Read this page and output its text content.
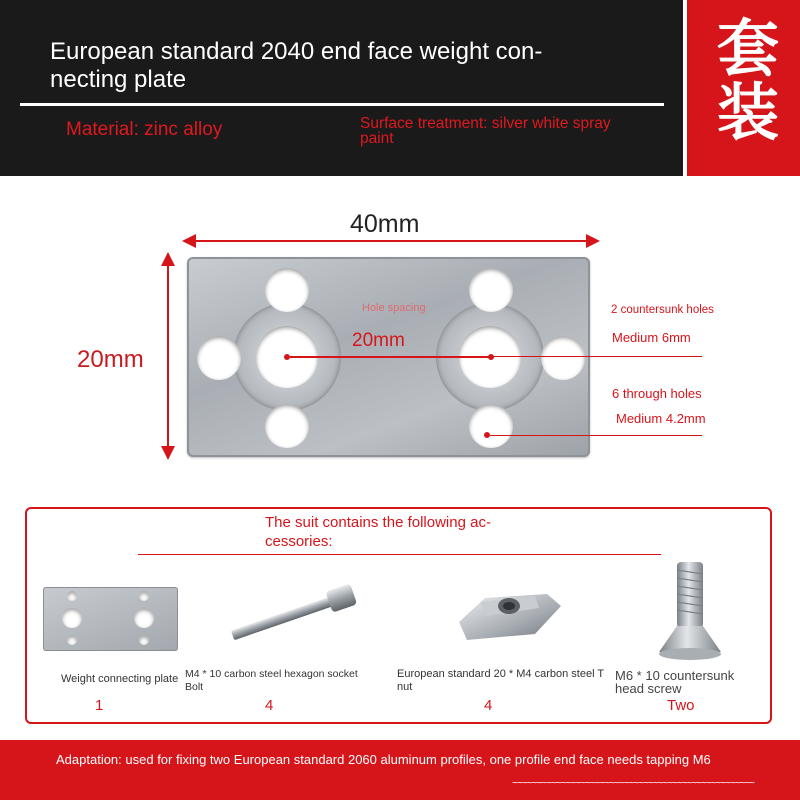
European standard 2040 end face weight con-
necting plate
Material: zinc alloy	Surface treatment: silver white spray paint
套装
40mm
20mm
Hole spacing
20mm
2 countersunk holes
Medium 6mm
6 through holes
Medium 4.2mm
The suit contains the following ac-
cessories:
Weight connecting plate
1
M4 * 10 carbon steel hexagon socket Bolt
4
European standard 20 * M4 carbon steel T nut
4
M6 * 10 countersunk head screw
Two
Adaptation: used for fixing two European standard 2060 aluminum profiles, one profile end face needs tapping M6
~~~~~~~~~~~~~~~~~~~~~~~~~~~~~~~~~~~~~~~~~~~~~~~~~~
